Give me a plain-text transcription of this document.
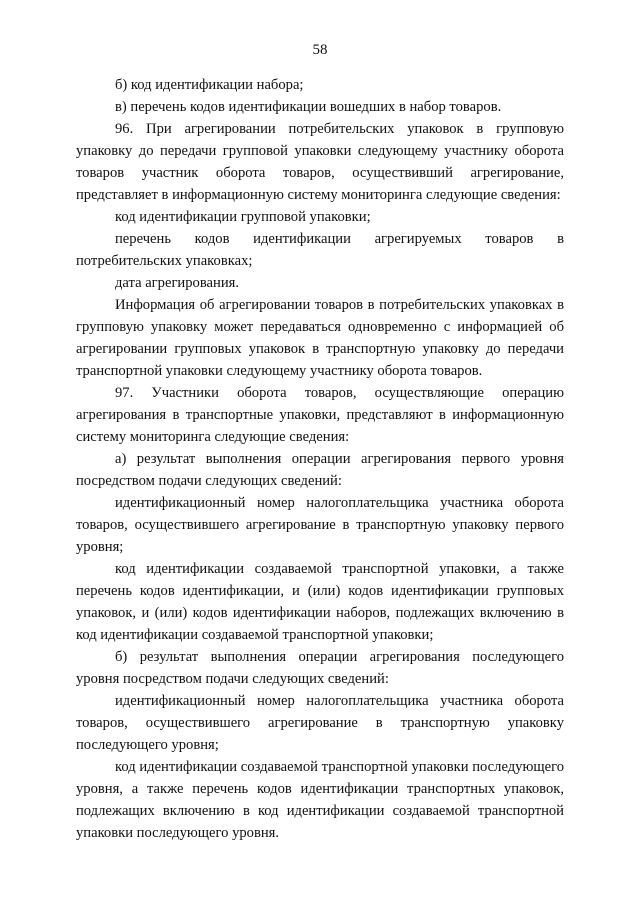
58

б) код идентификации набора;

в) перечень кодов идентификации вошедших в набор товаров.

96. При агрегировании потребительских упаковок в групповую упаковку до передачи групповой упаковки следующему участнику оборота товаров участник оборота товаров, осуществивший агрегирование, представляет в информационную систему мониторинга следующие сведения:

код идентификации групповой упаковки;

перечень кодов идентификации агрегируемых товаров в потребительских упаковках;

дата агрегирования.

Информация об агрегировании товаров в потребительских упаковках в групповую упаковку может передаваться одновременно с информацией об агрегировании групповых упаковок в транспортную упаковку до передачи транспортной упаковки следующему участнику оборота товаров.

97. Участники оборота товаров, осуществляющие операцию агрегирования в транспортные упаковки, представляют в информационную систему мониторинга следующие сведения:

а) результат выполнения операции агрегирования первого уровня посредством подачи следующих сведений:

идентификационный номер налогоплательщика участника оборота товаров, осуществившего агрегирование в транспортную упаковку первого уровня;

код идентификации создаваемой транспортной упаковки, а также перечень кодов идентификации, и (или) кодов идентификации групповых упаковок, и (или) кодов идентификации наборов, подлежащих включению в код идентификации создаваемой транспортной упаковки;

б) результат выполнения операции агрегирования последующего уровня посредством подачи следующих сведений:

идентификационный номер налогоплательщика участника оборота товаров, осуществившего агрегирование в транспортную упаковку последующего уровня;

код идентификации создаваемой транспортной упаковки последующего уровня, а также перечень кодов идентификации транспортных упаковок, подлежащих включению в код идентификации создаваемой транспортной упаковки последующего уровня.
